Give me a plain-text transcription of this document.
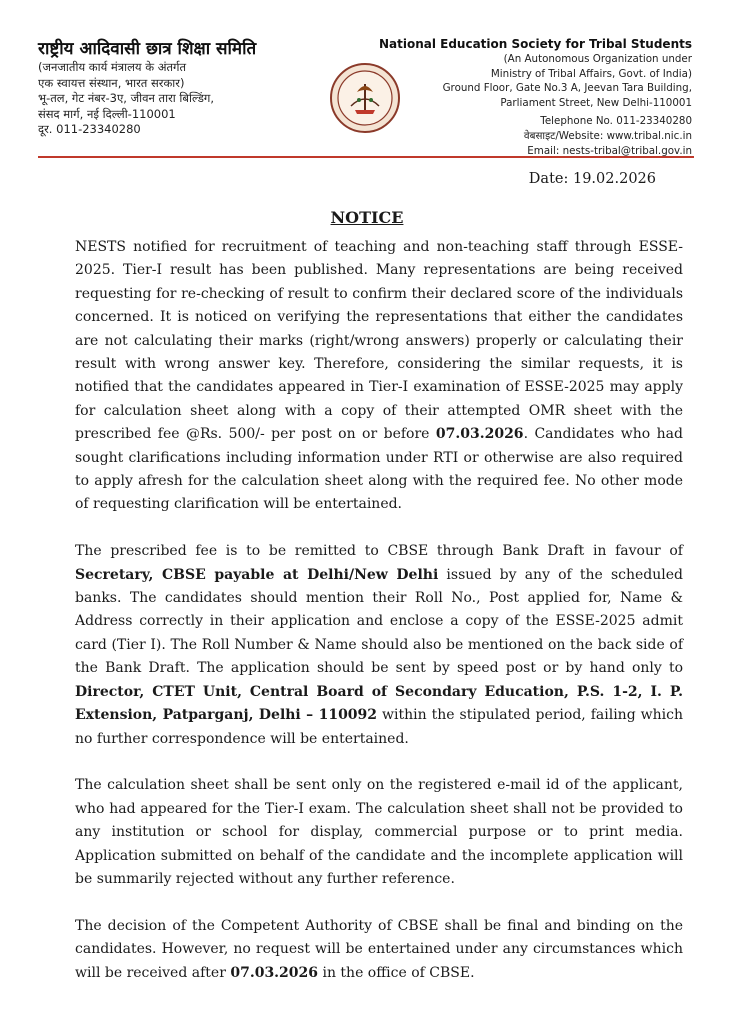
राष्ट्रीय आदिवासी छात्र शिक्षा समिति
(जनजातीय कार्य मंत्रालय के अंतर्गत
एक स्वायत्त संस्थान, भारत सरकार)
भू-तल, गेट नंबर-3ए, जीवन तारा बिल्डिंग,
संसद मार्ग, नई दिल्ली-110001
दूर. 011-23340280
National Education Society for Tribal Students
(An Autonomous Organization under
Ministry of Tribal Affairs, Govt. of India)
Ground Floor, Gate No.3 A, Jeevan Tara Building,
Parliament Street, New Delhi-110001
Telephone No. 011-23340280
वेबसाइट/Website: www.tribal.nic.in
Email: nests-tribal@tribal.gov.in
Date: 19.02.2026
NOTICE

NESTS notified for recruitment of teaching and non-teaching staff through ESSE-2025. Tier-I result has been published. Many representations are being received requesting for re-checking of result to confirm their declared score of the individuals concerned. It is noticed on verifying the representations that either the candidates are not calculating their marks (right/wrong answers) properly or calculating their result with wrong answer key. Therefore, considering the similar requests, it is notified that the candidates appeared in Tier-I examination of ESSE-2025 may apply for calculation sheet along with a copy of their attempted OMR sheet with the prescribed fee @Rs. 500/- per post on or before 07.03.2026. Candidates who had sought clarifications including information under RTI or otherwise are also required to apply afresh for the calculation sheet along with the required fee. No other mode of requesting clarification will be entertained.

The prescribed fee is to be remitted to CBSE through Bank Draft in favour of Secretary, CBSE payable at Delhi/New Delhi issued by any of the scheduled banks. The candidates should mention their Roll No., Post applied for, Name & Address correctly in their application and enclose a copy of the ESSE-2025 admit card (Tier I). The Roll Number & Name should also be mentioned on the back side of the Bank Draft. The application should be sent by speed post or by hand only to Director, CTET Unit, Central Board of Secondary Education, P.S. 1-2, I. P. Extension, Patparganj, Delhi – 110092 within the stipulated period, failing which no further correspondence will be entertained.

The calculation sheet shall be sent only on the registered e-mail id of the applicant, who had appeared for the Tier-I exam. The calculation sheet shall not be provided to any institution or school for display, commercial purpose or to print media. Application submitted on behalf of the candidate and the incomplete application will be summarily rejected without any further reference.

The decision of the Competent Authority of CBSE shall be final and binding on the candidates. However, no request will be entertained under any circumstances which will be received after 07.03.2026 in the office of CBSE.
